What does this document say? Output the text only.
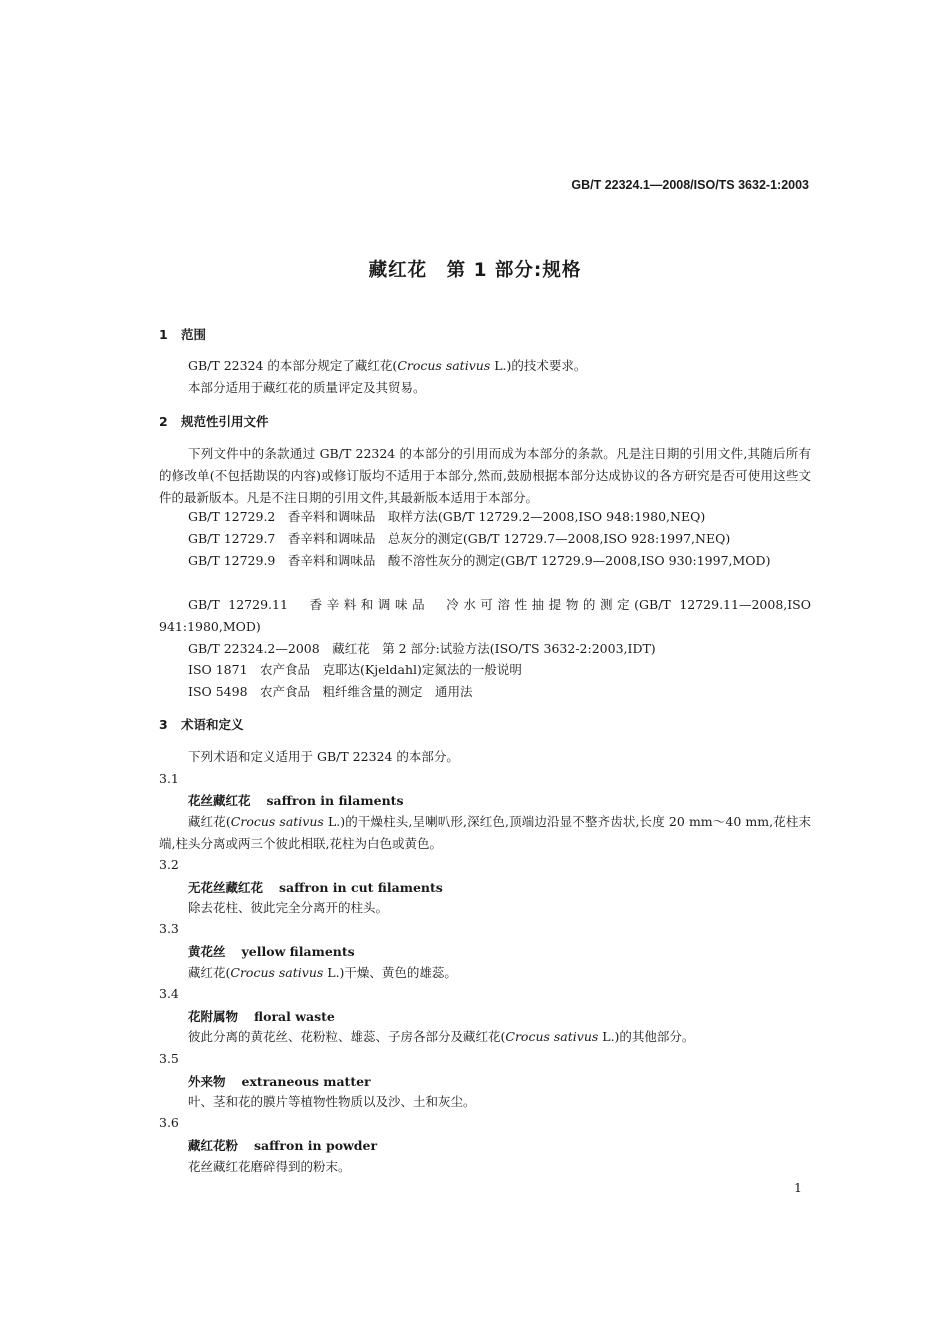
GB/T 22324.1—2008/ISO/TS 3632-1:2003
藏红花　第 1 部分:规格
1 范围
GB/T 22324 的本部分规定了藏红花(Crocus sativus L.)的技术要求。
本部分适用于藏红花的质量评定及其贸易。
2 规范性引用文件
下列文件中的条款通过 GB/T 22324 的本部分的引用而成为本部分的条款。凡是注日期的引用文件,其随后所有的修改单(不包括勘误的内容)或修订版均不适用于本部分,然而,鼓励根据本部分达成协议的各方研究是否可使用这些文件的最新版本。凡是不注日期的引用文件,其最新版本适用于本部分。
GB/T 12729.2　香辛料和调味品　取样方法(GB/T 12729.2—2008,ISO 948:1980,NEQ)
GB/T 12729.7　香辛料和调味品　总灰分的测定(GB/T 12729.7—2008,ISO 928:1997,NEQ)
GB/T 12729.9　香辛料和调味品　酸不溶性灰分的测定(GB/T 12729.9—2008,ISO 930:1997,MOD)
GB/T 12729.11　香辛料和调味品　冷水可溶性抽提物的测定(GB/T 12729.11—2008,ISO 941:1980,MOD)
GB/T 22324.2—2008　藏红花　第 2 部分:试验方法(ISO/TS 3632-2:2003,IDT)
ISO 1871　农产食品　克耶达(Kjeldahl)定氮法的一般说明
ISO 5498　农产食品　粗纤维含量的测定　通用法
3 术语和定义
下列术语和定义适用于 GB/T 22324 的本部分。
3.1
花丝藏红花 saffron in filaments
藏红花(Crocus sativus L.)的干燥柱头,呈喇叭形,深红色,顶端边沿显不整齐齿状,长度 20 mm～40 mm,花柱末端,柱头分离或两三个彼此相联,花柱为白色或黄色。
3.2
无花丝藏红花 saffron in cut filaments
除去花柱、彼此完全分离开的柱头。
3.3
黄花丝 yellow filaments
藏红花(Crocus sativus L.)干燥、黄色的雄蕊。
3.4
花附属物 floral waste
彼此分离的黄花丝、花粉粒、雄蕊、子房各部分及藏红花(Crocus sativus L.)的其他部分。
3.5
外来物 extraneous matter
叶、茎和花的膜片等植物性物质以及沙、土和灰尘。
3.6
藏红花粉 saffron in powder
花丝藏红花磨碎得到的粉末。
1
